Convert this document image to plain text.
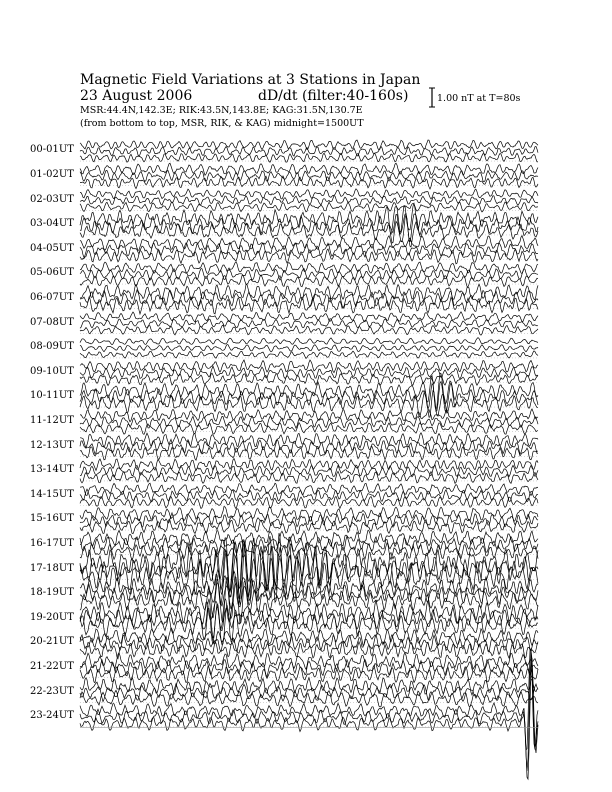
Magnetic Field Variations at 3 Stations in Japan
23 August 2006	dD/dt (filter:40-160s)
MSR:44.4N,142.3E; RIK:43.5N,143.8E; KAG:31.5N,130.7E
(from bottom to top, MSR, RIK, & KAG) midnight=1500UT
1.00 nT at T=80s
00-01UT
01-02UT
02-03UT
03-04UT
04-05UT
05-06UT
06-07UT
07-08UT
08-09UT
09-10UT
10-11UT
11-12UT
12-13UT
13-14UT
14-15UT
15-16UT
16-17UT
17-18UT
18-19UT
19-20UT
20-21UT
21-22UT
22-23UT
23-24UT
